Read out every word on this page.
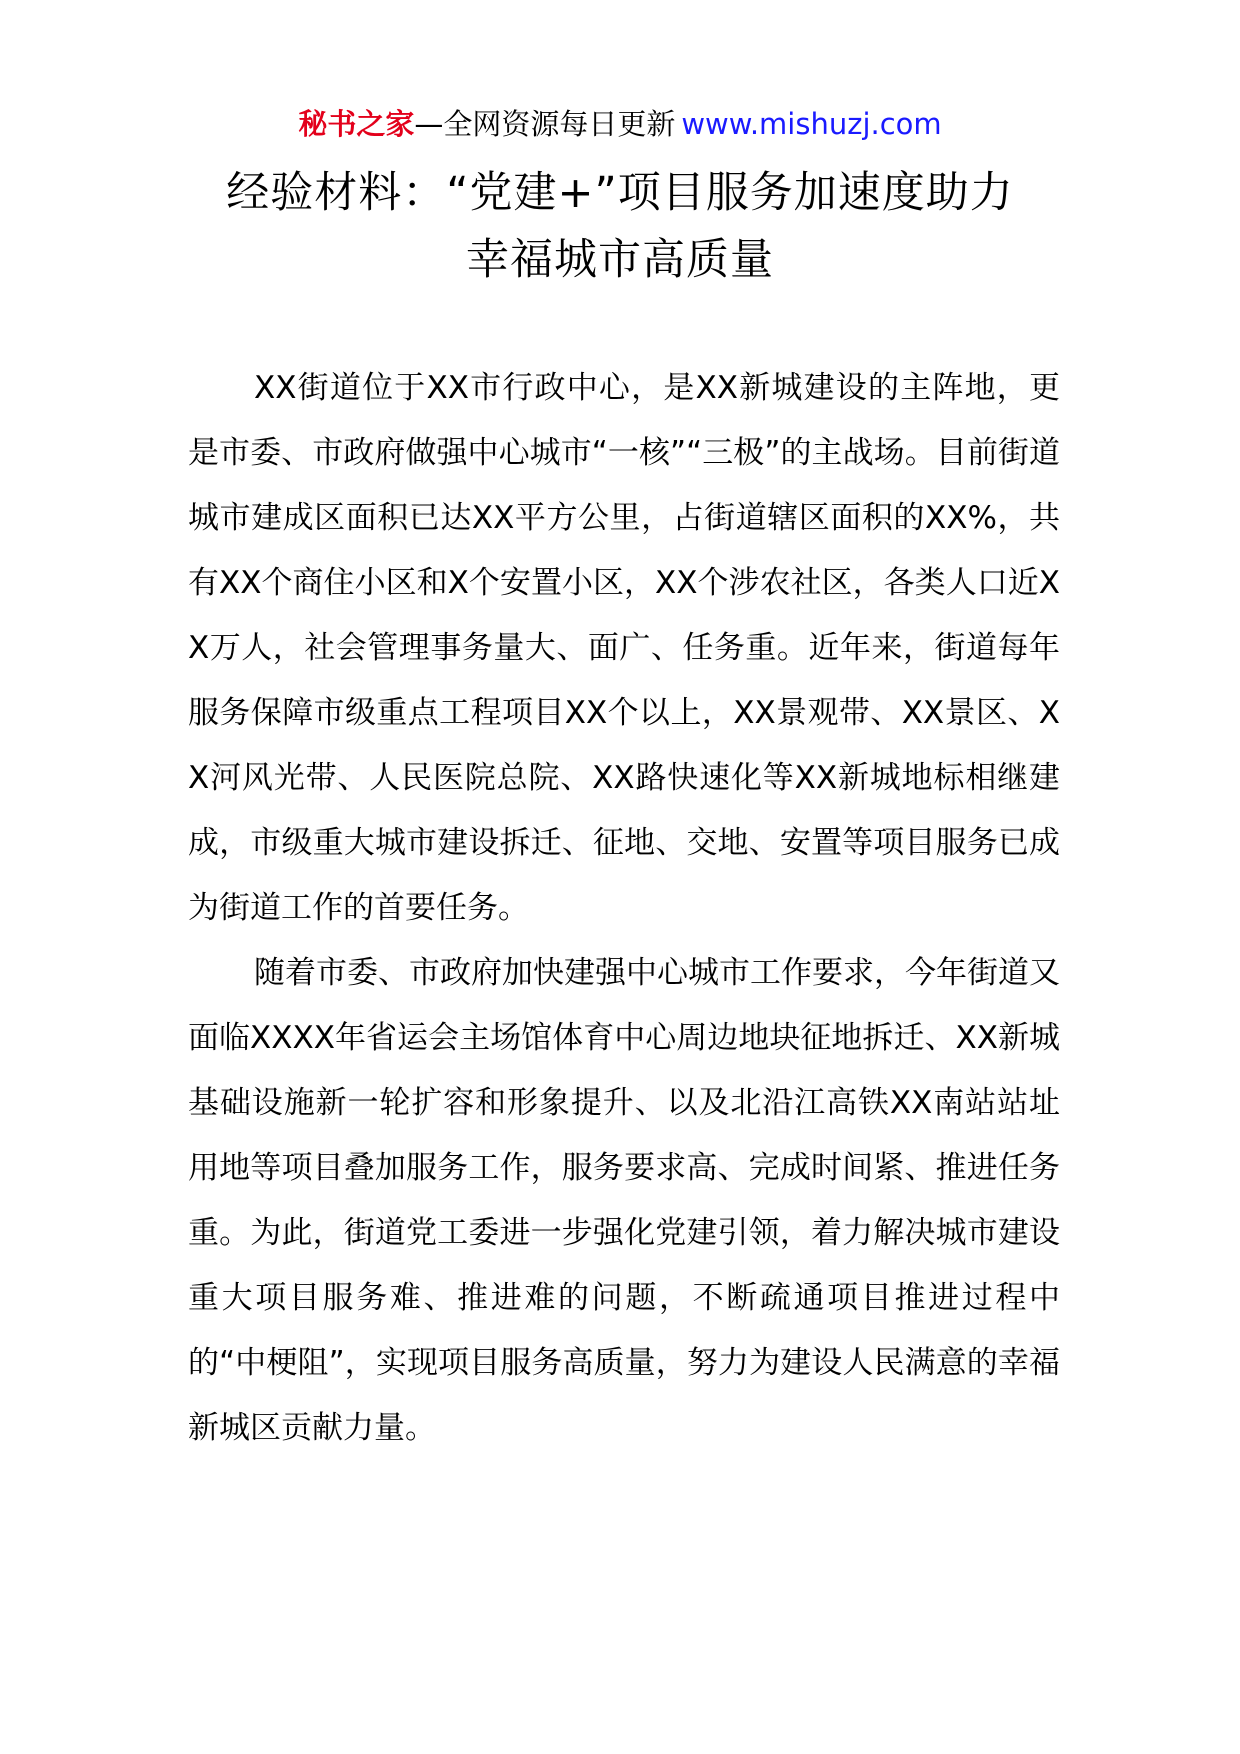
秘书之家—全网资源每日更新 www.mishuzj.com
经验材料：“党建+”项目服务加速度助力
幸福城市高质量

XX街道位于XX市行政中心，是XX新城建设的主阵地，更是市委、市政府做强中心城市“一核”“三极”的主战场。目前街道城市建成区面积已达XX平方公里，占街道辖区面积的XX%，共有XX个商住小区和X个安置小区，XX个涉农社区，各类人口近XX万人，社会管理事务量大、面广、任务重。近年来，街道每年服务保障市级重点工程项目XX个以上，XX景观带、XX景区、XX河风光带、人民医院总院、XX路快速化等XX新城地标相继建成，市级重大城市建设拆迁、征地、交地、安置等项目服务已成为街道工作的首要任务。

随着市委、市政府加快建强中心城市工作要求，今年街道又面临XXXX年省运会主场馆体育中心周边地块征地拆迁、XX新城基础设施新一轮扩容和形象提升、以及北沿江高铁XX南站站址用地等项目叠加服务工作，服务要求高、完成时间紧、推进任务重。为此，街道党工委进一步强化党建引领，着力解决城市建设重大项目服务难、推进难的问题，不断疏通项目推进过程中的“中梗阻”，实现项目服务高质量，努力为建设人民满意的幸福新城区贡献力量。
